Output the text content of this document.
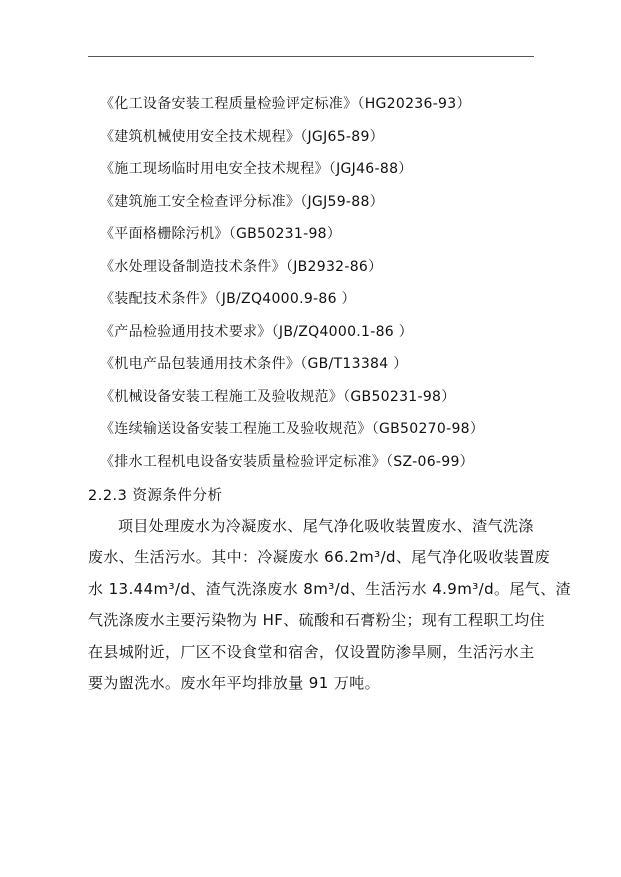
《化工设备安装工程质量检验评定标准》（HG20236-93）
《建筑机械使用安全技术规程》（JGJ65-89）
《施工现场临时用电安全技术规程》（JGJ46-88）
《建筑施工安全检查评分标准》（JGJ59-88）
《平面格栅除污机》（GB50231-98）
《水处理设备制造技术条件》（JB2932-86）
《装配技术条件》（JB/ZQ4000.9-86 ）
《产品检验通用技术要求》（JB/ZQ4000.1-86 ）
《机电产品包装通用技术条件》（GB/T13384 ）
《机械设备安装工程施工及验收规范》（GB50231-98）
《连续输送设备安装工程施工及验收规范》（GB50270-98）
《排水工程机电设备安装质量检验评定标准》（SZ-06-99）
2.2.3 资源条件分析
项目处理废水为冷凝废水、尾气净化吸收装置废水、渣气洗涤
废水、生活污水。其中：冷凝废水 66.2m³/d、尾气净化吸收装置废
水 13.44m³/d、渣气洗涤废水 8m³/d、生活污水 4.9m³/d。尾气、渣
气洗涤废水主要污染物为 HF、硫酸和石膏粉尘；现有工程职工均住
在县城附近，厂区不设食堂和宿舍，仅设置防渗旱厕，生活污水主
要为盥洗水。废水年平均排放量 91 万吨。
